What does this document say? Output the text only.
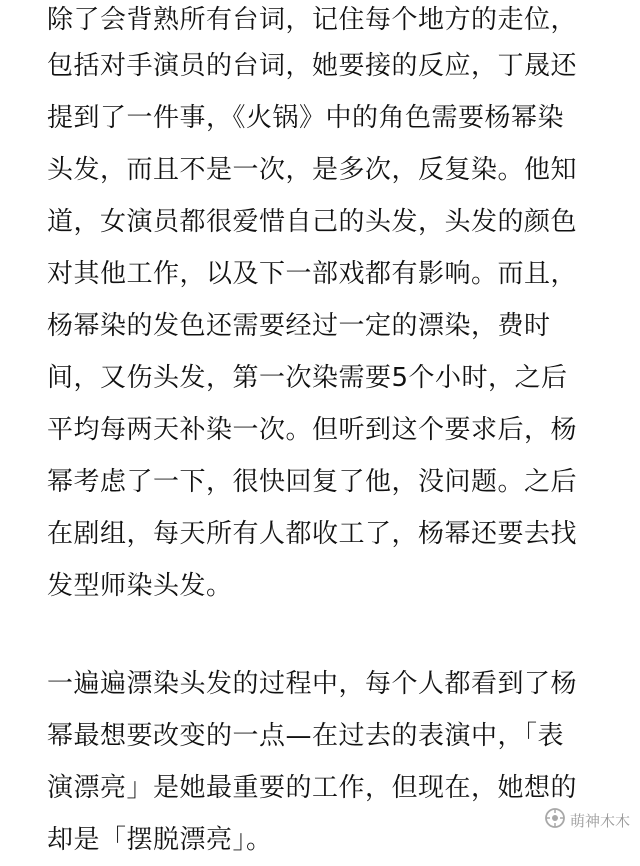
除了会背熟所有台词，记住每个地方的走位，
包括对手演员的台词，她要接的反应，丁晟还
提到了一件事，《火锅》中的角色需要杨幂染
头发，而且不是一次，是多次，反复染。他知
道，女演员都很爱惜自己的头发，头发的颜色
对其他工作，以及下一部戏都有影响。而且，
杨幂染的发色还需要经过一定的漂染，费时
间，又伤头发，第一次染需要5个小时，之后
平均每两天补染一次。但听到这个要求后，杨
幂考虑了一下，很快回复了他，没问题。之后
在剧组，每天所有人都收工了，杨幂还要去找
发型师染头发。
一遍遍漂染头发的过程中，每个人都看到了杨
幂最想要改变的一点—在过去的表演中，「表
演漂亮」是她最重要的工作，但现在，她想的
却是「摆脱漂亮」。
萌神木木
